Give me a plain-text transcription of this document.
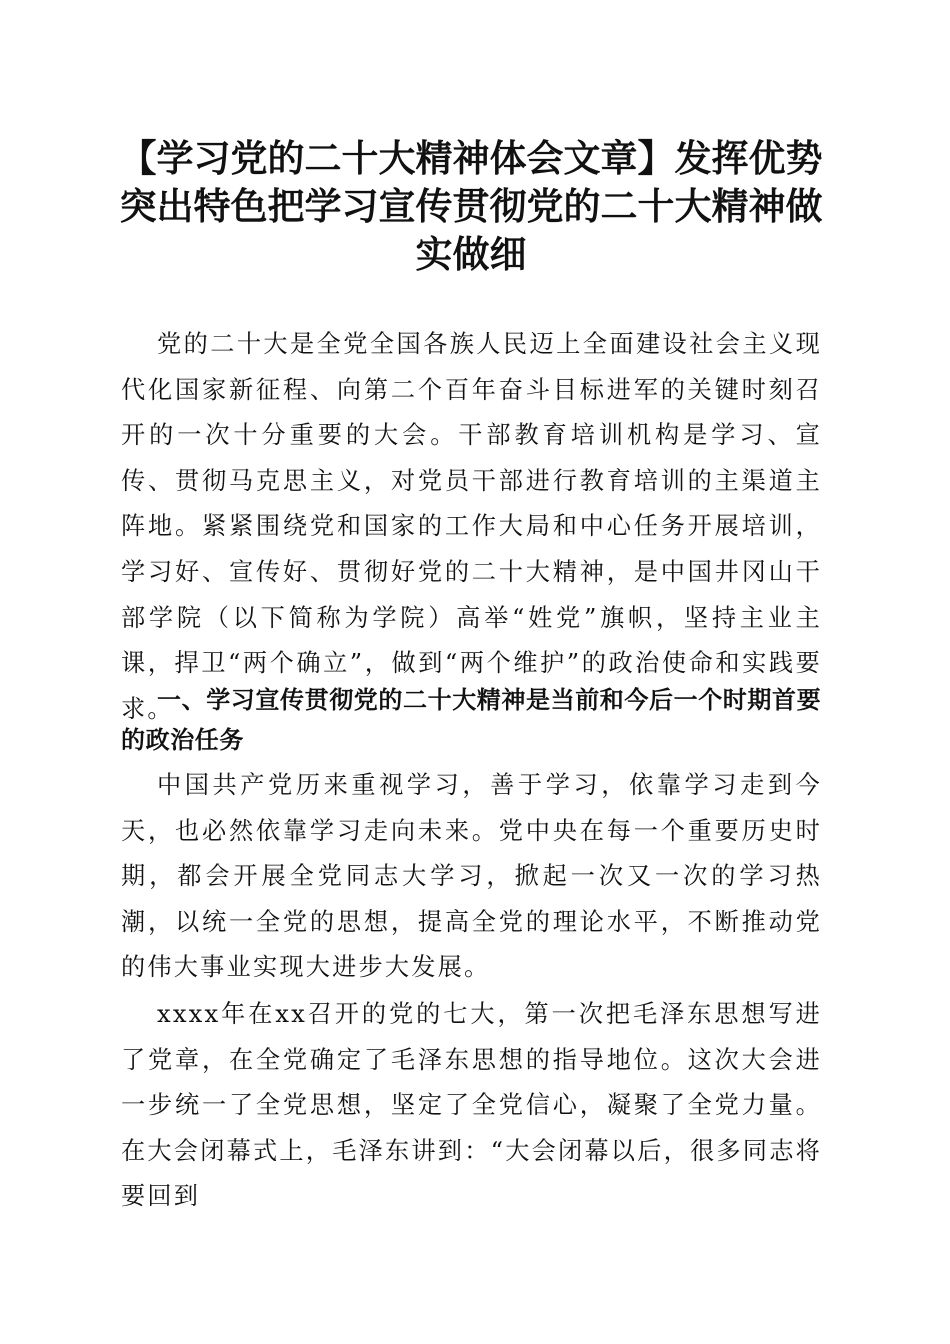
【学习党的二十大精神体会文章】发挥优势突出特色把学习宣传贯彻党的二十大精神做实做细

党的二十大是全党全国各族人民迈上全面建设社会主义现代化国家新征程、向第二个百年奋斗目标进军的关键时刻召开的一次十分重要的大会。干部教育培训机构是学习、宣传、贯彻马克思主义，对党员干部进行教育培训的主渠道主阵地。紧紧围绕党和国家的工作大局和中心任务开展培训，学习好、宣传好、贯彻好党的二十大精神，是中国井冈山干部学院（以下简称为学院）高举“姓党”旗帜，坚持主业主课，捍卫“两个确立”，做到“两个维护”的政治使命和实践要求。

一、学习宣传贯彻党的二十大精神是当前和今后一个时期首要的政治任务

中国共产党历来重视学习，善于学习，依靠学习走到今天，也必然依靠学习走向未来。党中央在每一个重要历史时期，都会开展全党同志大学习，掀起一次又一次的学习热潮，以统一全党的思想，提高全党的理论水平，不断推动党的伟大事业实现大进步大发展。

xxxx年在xx召开的党的七大，第一次把毛泽东思想写进了党章，在全党确定了毛泽东思想的指导地位。这次大会进一步统一了全党思想，坚定了全党信心，凝聚了全党力量。在大会闭幕式上，毛泽东讲到：“大会闭幕以后，很多同志将要回到
